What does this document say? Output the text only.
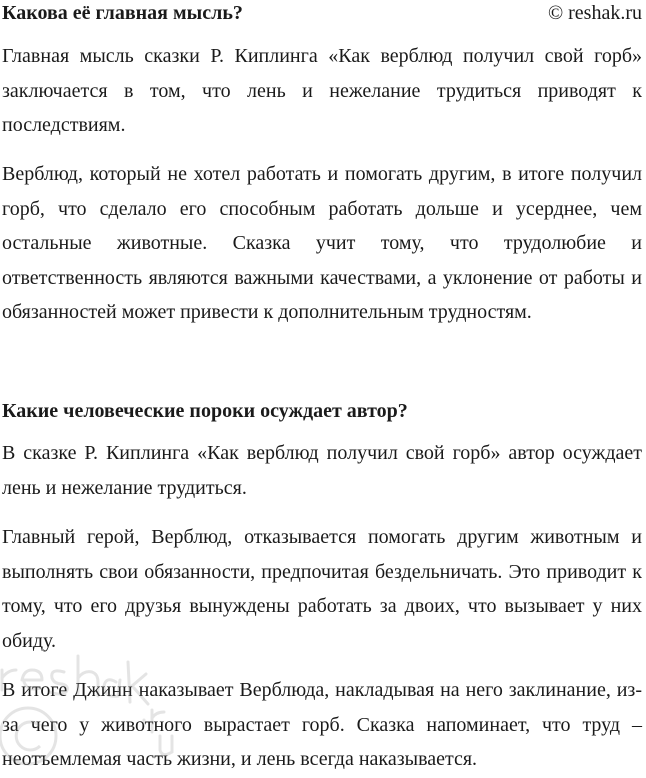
Какова её главная мысль?	© reshak.ru

Главная мысль сказки Р. Киплинга «Как верблюд получил свой горб» заключается в том, что лень и нежелание трудиться приводят к последствиям.

Верблюд, который не хотел работать и помогать другим, в итоге получил горб, что сделало его способным работать дольше и усерднее, чем остальные животные. Сказка учит тому, что трудолюбие и ответственность являются важными качествами, а уклонение от работы и обязанностей может привести к дополнительным трудностям.

Какие человеческие пороки осуждает автор?

В сказке Р. Киплинга «Как верблюд получил свой горб» автор осуждает лень и нежелание трудиться.

Главный герой, Верблюд, отказывается помогать другим животным и выполнять свои обязанности, предпочитая бездельничать. Это приводит к тому, что его друзья вынуждены работать за двоих, что вызывает у них обиду.

В итоге Джинн наказывает Верблюда, накладывая на него заклинание, из-за чего у животного вырастает горб. Сказка напоминает, что труд – неотъемлемая часть жизни, и лень всегда наказывается.
